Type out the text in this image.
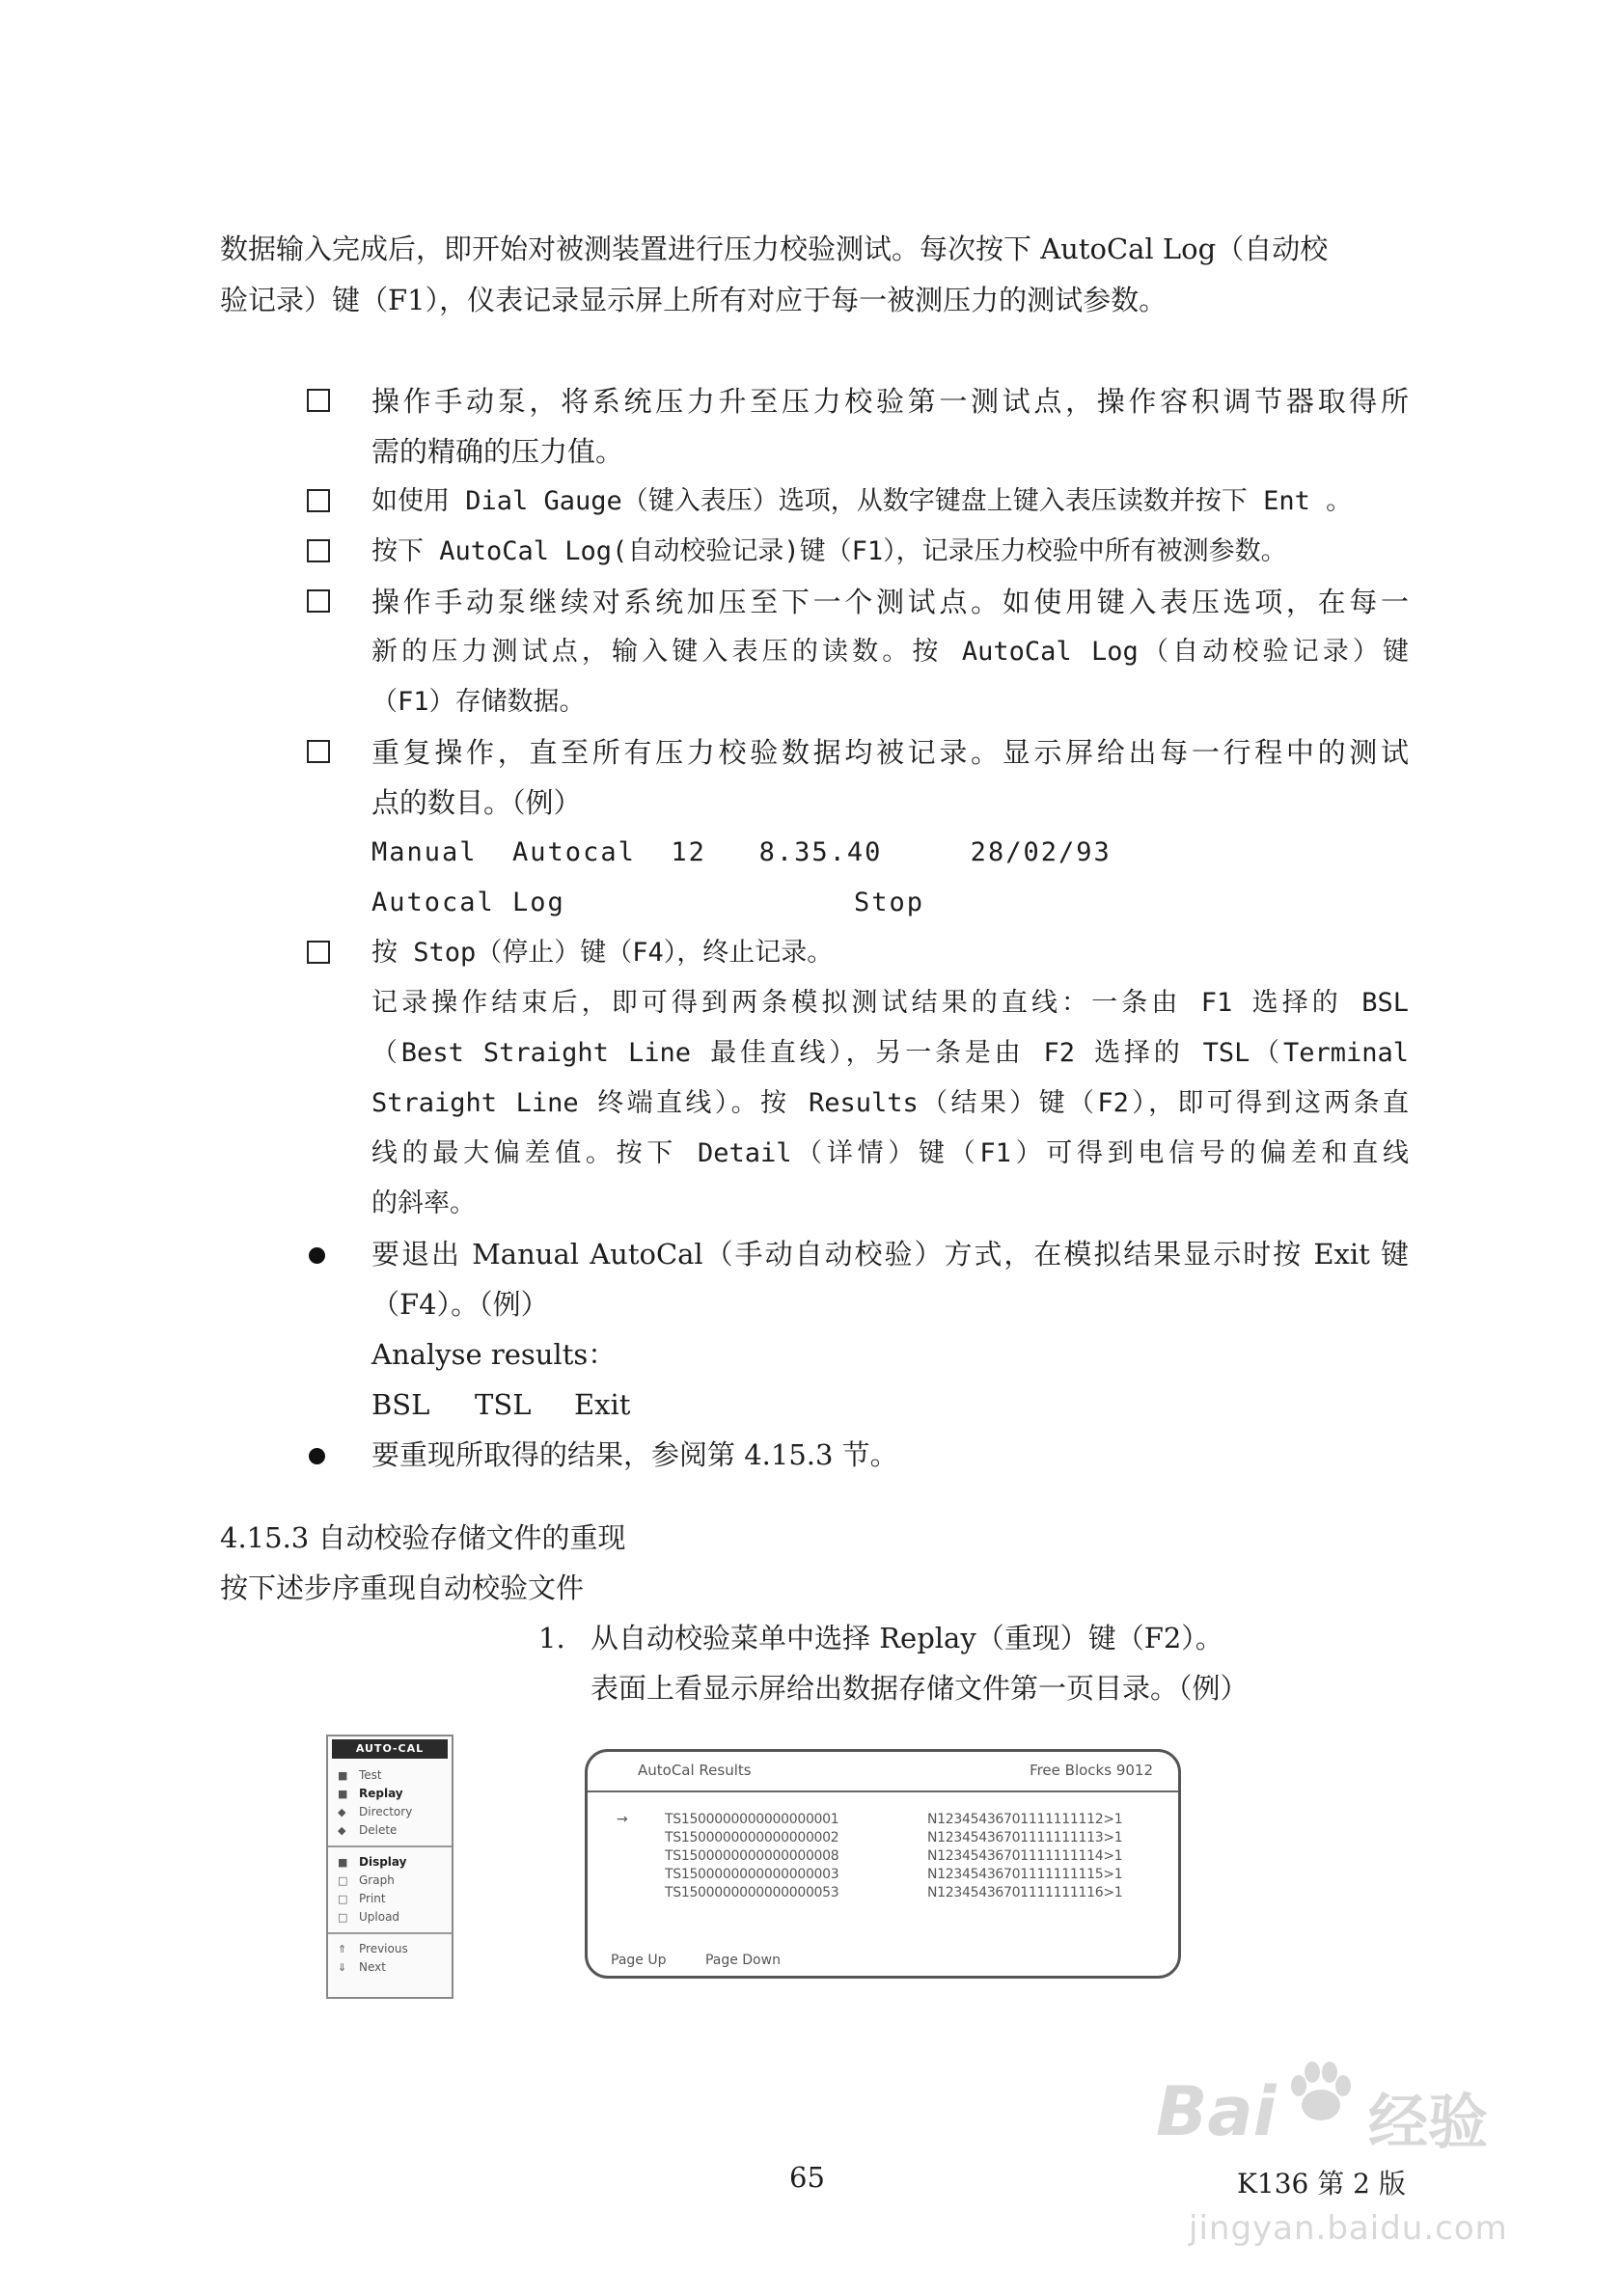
数据输入完成后，即开始对被测装置进行压力校验测试。每次按下 AutoCal Log（自动校
验记录）键（F1），仪表记录显示屏上所有对应于每一被测压力的测试参数。
操作手动泵，将系统压力升至压力校验第一测试点，操作容积调节器取得所
需的精确的压力值。
如使用 Dial Gauge（键入表压）选项，从数字键盘上键入表压读数并按下 Ent 。
按下 AutoCal Log(自动校验记录)键（F1），记录压力校验中所有被测参数。
操作手动泵继续对系统加压至下一个测试点。如使用键入表压选项，在每一
新的压力测试点，输入键入表压的读数。按 AutoCal Log（自动校验记录）键
（F1）存储数据。
重复操作，直至所有压力校验数据均被记录。显示屏给出每一行程中的测试
点的数目。（例）
Manual  Autocal  12   8.35.40     28/02/93
Autocal Log	Stop
按 Stop（停止）键（F4），终止记录。
记录操作结束后，即可得到两条模拟测试结果的直线：一条由 F1 选择的 BSL
（Best Straight Line 最佳直线），另一条是由 F2 选择的 TSL（Terminal
Straight Line 终端直线）。按 Results（结果）键（F2），即可得到这两条直
线的最大偏差值。按下 Detail（详情）键（F1）可得到电信号的偏差和直线
的斜率。
要退出 Manual AutoCal（手动自动校验）方式，在模拟结果显示时按 Exit 键
（F4）。（例）
Analyse results：
BSL TSL Exit
要重现所取得的结果，参阅第 4.15.3 节。
4.15.3 自动校验存储文件的重现
按下述步序重现自动校验文件
1. 从自动校验菜单中选择 Replay（重现）键（F2）。
表面上看显示屏给出数据存储文件第一页目录。（例）
AUTO-CAL
■ Test
■ Replay
◆ Directory
◆ Delete
■ Display
□ Graph
□ Print
□ Upload
⇑ Previous
⇓ Next
AutoCal Results	Free Blocks 9012
→	TS1500000000000000001	N12345436701111111112>1
TS1500000000000000002	N12345436701111111113>1
TS1500000000000000008	N12345436701111111114>1
TS1500000000000000003	N12345436701111111115>1
TS1500000000000000053	N12345436701111111116>1
Page Up	Page Down
65	K136 第 2 版
Bai 经验
jingyan.baidu.com
